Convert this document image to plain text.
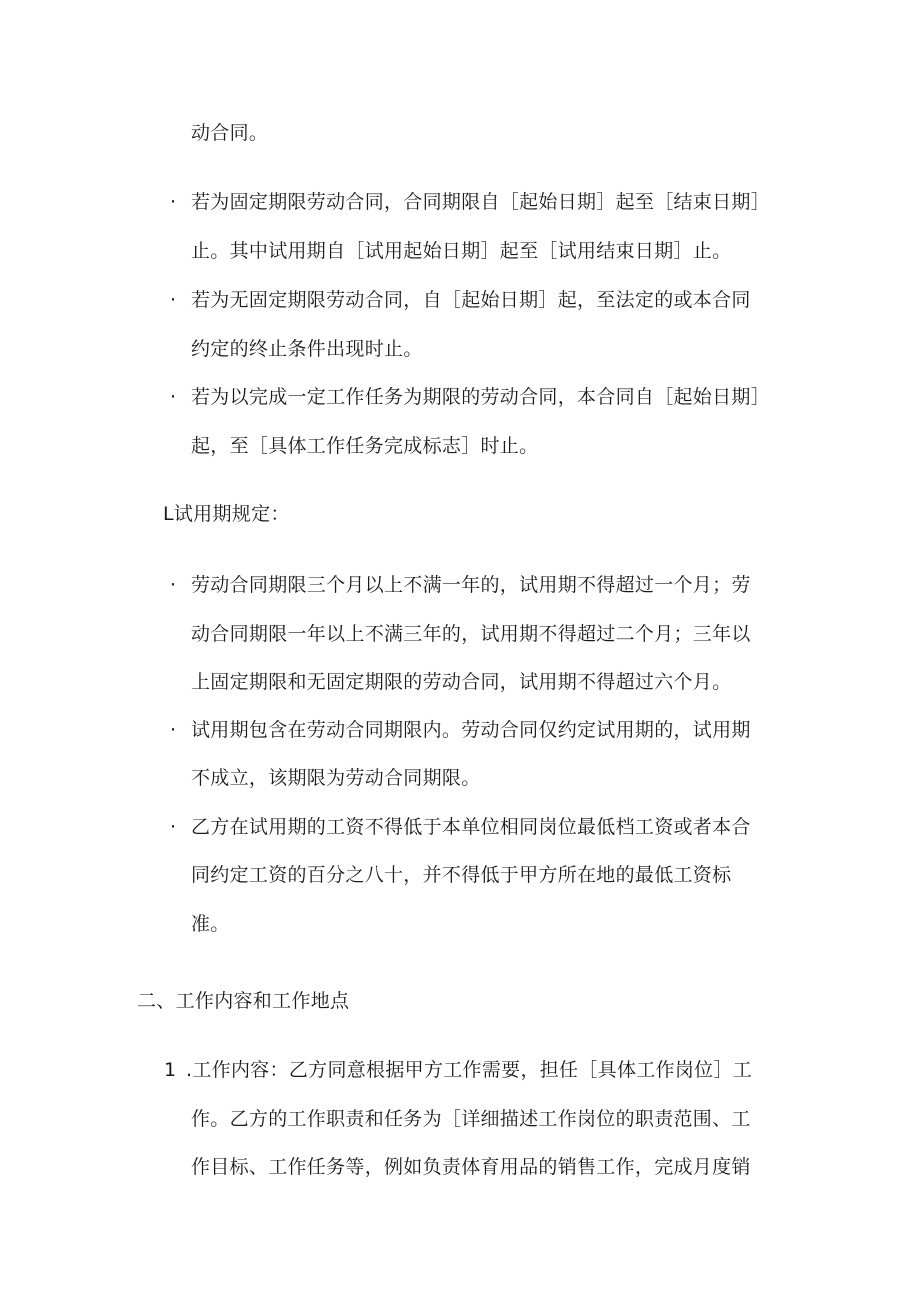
动合同。
· 若为固定期限劳动合同，合同期限自［起始日期］起至［结束日期］
止。其中试用期自［试用起始日期］起至［试用结束日期］止。
· 若为无固定期限劳动合同，自［起始日期］起，至法定的或本合同
约定的终止条件出现时止。
· 若为以完成一定工作任务为期限的劳动合同，本合同自［起始日期］
起，至［具体工作任务完成标志］时止。
L试用期规定：
· 劳动合同期限三个月以上不满一年的，试用期不得超过一个月；劳
动合同期限一年以上不满三年的，试用期不得超过二个月；三年以
上固定期限和无固定期限的劳动合同，试用期不得超过六个月。
· 试用期包含在劳动合同期限内。劳动合同仅约定试用期的，试用期
不成立，该期限为劳动合同期限。
· 乙方在试用期的工资不得低于本单位相同岗位最低档工资或者本合
同约定工资的百分之八十，并不得低于甲方所在地的最低工资标
准。
二、工作内容和工作地点
1 .工作内容：乙方同意根据甲方工作需要，担任［具体工作岗位］工
作。乙方的工作职责和任务为［详细描述工作岗位的职责范围、工
作目标、工作任务等，例如负责体育用品的销售工作，完成月度销
